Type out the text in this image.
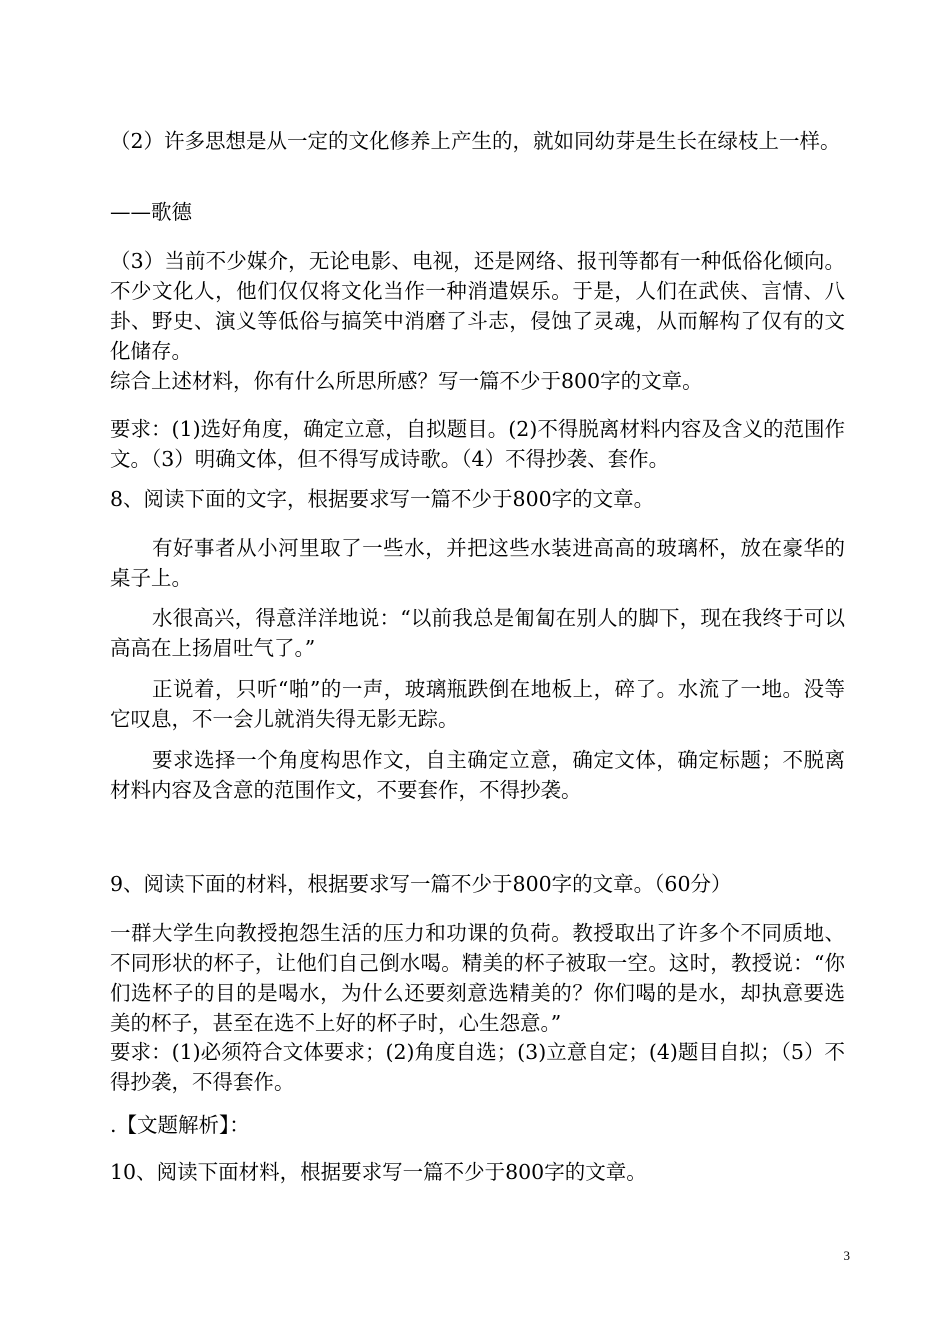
（2）许多思想是从一定的文化修养上产生的，就如同幼芽是生长在绿枝上一样。

——歌德

（3）当前不少媒介，无论电影、电视，还是网络、报刊等都有一种低俗化倾向。不少文化人，他们仅仅将文化当作一种消遣娱乐。于是，人们在武侠、言情、八卦、野史、演义等低俗与搞笑中消磨了斗志，侵蚀了灵魂，从而解构了仅有的文化储存。

综合上述材料，你有什么所思所感？写一篇不少于800字的文章。

要求：(1)选好角度，确定立意，自拟题目。(2)不得脱离材料内容及含义的范围作文。（3）明确文体，但不得写成诗歌。（4）不得抄袭、套作。

8、阅读下面的文字，根据要求写一篇不少于800字的文章。

有好事者从小河里取了一些水，并把这些水装进高高的玻璃杯，放在豪华的桌子上。

水很高兴，得意洋洋地说：“以前我总是匍匐在别人的脚下，现在我终于可以高高在上扬眉吐气了。”

正说着，只听“啪”的一声，玻璃瓶跌倒在地板上，碎了。水流了一地。没等它叹息，不一会儿就消失得无影无踪。

要求选择一个角度构思作文，自主确定立意，确定文体，确定标题；不脱离材料内容及含意的范围作文，不要套作，不得抄袭。

9、阅读下面的材料，根据要求写一篇不少于800字的文章。（60分）

一群大学生向教授抱怨生活的压力和功课的负荷。教授取出了许多个不同质地、不同形状的杯子，让他们自己倒水喝。精美的杯子被取一空。这时，教授说：“你们选杯子的目的是喝水，为什么还要刻意选精美的？你们喝的是水，却执意要选美的杯子，甚至在选不上好的杯子时，心生怨意。”

要求：(1)必须符合文体要求；(2)角度自选；(3)立意自定；(4)题目自拟；（5）不得抄袭，不得套作。

.【文题解析】：

10、阅读下面材料，根据要求写一篇不少于800字的文章。

3
